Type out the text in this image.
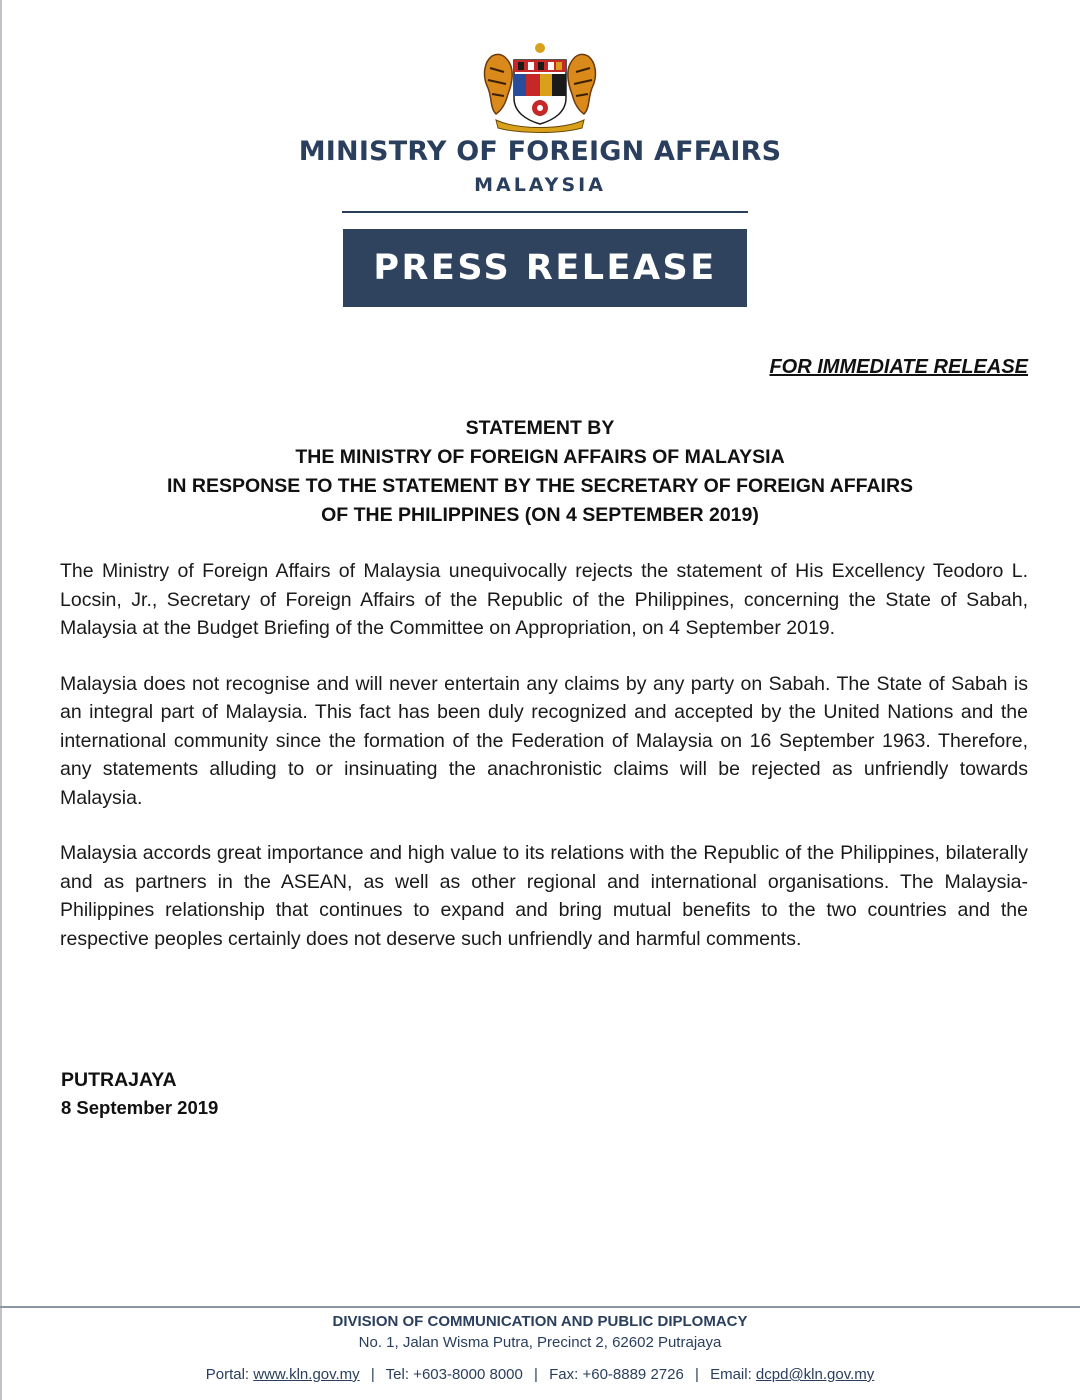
MINISTRY OF FOREIGN AFFAIRS
MALAYSIA
PRESS RELEASE
FOR IMMEDIATE RELEASE
STATEMENT BY
THE MINISTRY OF FOREIGN AFFAIRS OF MALAYSIA
IN RESPONSE TO THE STATEMENT BY THE SECRETARY OF FOREIGN AFFAIRS
OF THE PHILIPPINES (ON 4 SEPTEMBER 2019)

The Ministry of Foreign Affairs of Malaysia unequivocally rejects the statement of His Excellency Teodoro L. Locsin, Jr., Secretary of Foreign Affairs of the Republic of the Philippines, concerning the State of Sabah, Malaysia at the Budget Briefing of the Committee on Appropriation, on 4 September 2019.

Malaysia does not recognise and will never entertain any claims by any party on Sabah. The State of Sabah is an integral part of Malaysia. This fact has been duly recognized and accepted by the United Nations and the international community since the formation of the Federation of Malaysia on 16 September 1963. Therefore, any statements alluding to or insinuating the anachronistic claims will be rejected as unfriendly towards Malaysia.

Malaysia accords great importance and high value to its relations with the Republic of the Philippines, bilaterally and as partners in the ASEAN, as well as other regional and international organisations. The Malaysia-Philippines relationship that continues to expand and bring mutual benefits to the two countries and the respective peoples certainly does not deserve such unfriendly and harmful comments.

PUTRAJAYA
8 September 2019
DIVISION OF COMMUNICATION AND PUBLIC DIPLOMACY
No. 1, Jalan Wisma Putra, Precinct 2, 62602 Putrajaya
Portal: www.kln.gov.my | Tel: +603-8000 8000 | Fax: +60-8889 2726 | Email: dcpd@kln.gov.my
